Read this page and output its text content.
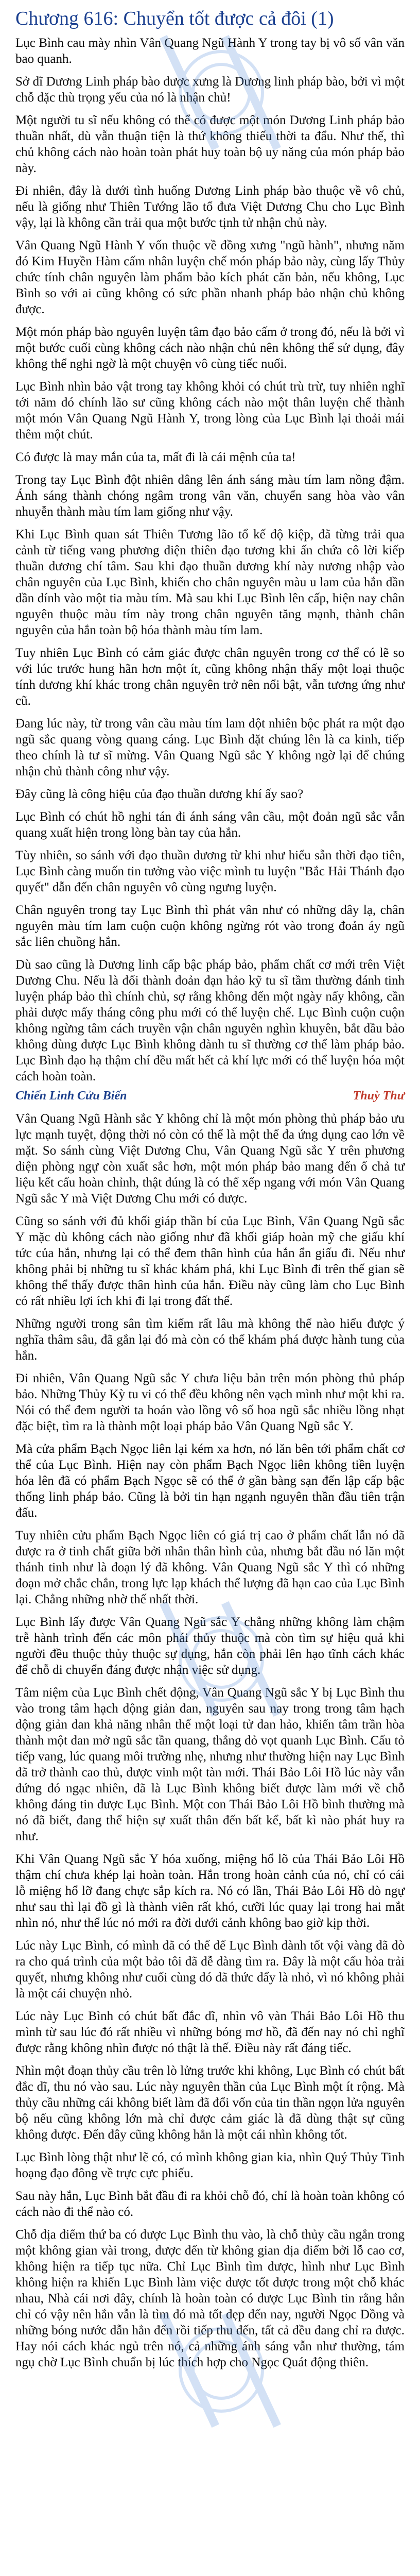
Chương 616: Chuyển tốt được cả đôi (1)

Lục Bình cau mày nhìn Vân Quang Ngũ Hành Y trong tay bị vô số vân văn bao quanh.

Sở dĩ Dương Linh pháp bào được xưng là Dương linh pháp bào, bởi vì một chỗ đặc thù trọng yếu của nó là nhận chủ!

Một người tu sĩ nếu không có thể có được một món Dương Linh pháp bảo thuần nhất, dù vẫn thuận tiện là thứ không thiếu thời ta đẩu. Như thế, thì chủ không cách nào hoàn toàn phát huy toàn bộ uy năng của món pháp bảo này.

Đi nhiên, đây là dưới tình huống Dương Linh pháp bào thuộc về vô chủ, nếu là giống như Thiên Tướng lão tổ đưa Việt Dương Chu cho Lục Bình vậy, lại là không cần trải qua một bước tịnh tử nhận chủ này.

Vân Quang Ngũ Hành Y vốn thuộc về đồng xưng "ngũ hành", nhưng năm đó Kim Huyền Hàm cấm nhân luyện chế món pháp bảo này, cùng lấy Thủy chức tính chân nguyên làm phẩm bảo kích phát căn bản, nếu không, Lục Bình so với ai cũng không có sức phần nhanh pháp bảo nhận chủ không được.

Một món pháp bào nguyên luyện tâm đạo bảo cấm ở trong đó, nếu là bởi vì một bước cuối cùng không cách nào nhận chủ nên không thể sử dụng, đây không thể nghi ngờ là một chuyện vô cùng tiếc nuối.

Lục Bình nhìn bảo vật trong tay không khỏi có chút trù trừ, tuy nhiên nghĩ tới năm đó chính lão sư cũng không cách nào một thân luyện chế thành một món Vân Quang Ngũ Hành Y, trong lòng của Lục Bình lại thoải mái thêm một chút.

Có được là may mắn của ta, mất đi là cái mệnh của ta!

Trong tay Lục Bình đột nhiên dâng lên ánh sáng màu tím lam nồng đậm. Ánh sáng thành chóng ngâm trong vân văn, chuyển sang hòa vào vân nhuyễn thành màu tím lam giống như vậy.

Khi Lục Bình quan sát Thiên Tương lão tổ kế độ kiệp, đã từng trải qua cảnh từ tiếng vang phương diện thiên đạo tương khi ấn chứa cô lời kiếp thuần dương chí tâm. Sau khi đạo thuần dương khí này nương nhập vào chân nguyên của Lục Bình, khiến cho chân nguyên màu u lam của hắn dần dần dính vào một tia màu tím. Mà sau khi Lục Bình lên cấp, hiện nay chân nguyên thuộc màu tím này trong chân nguyên tăng mạnh, thành chân nguyên của hắn toàn bộ hóa thành màu tím lam.

Tuy nhiên Lục Bình có cảm giác được chân nguyên trong cơ thể có lẽ so với lúc trước hung hãn hơn một ít, cũng không nhận thấy một loại thuộc tính dương khí khác trong chân nguyên trở nên nổi bật, vẫn tương ứng như cũ.

Đang lúc này, từ trong vân cầu màu tím lam đột nhiên bộc phát ra một đạo ngũ sắc quang vòng quang cáng. Lục Bình đặt chúng lên là ca kinh, tiếp theo chính là tư sĩ mừng. Vân Quang Ngũ sắc Y không ngờ lại để chúng nhận chủ thành công như vậy.

Đây cũng là công hiệu của đạo thuần dương khí ấy sao?

Lục Bình có chút hồ nghi tán đi ánh sáng vân cầu, một đoản ngũ sắc vẫn quang xuất hiện trong lòng bàn tay của hắn.

Tùy nhiên, so sánh với đạo thuần dương từ khi như hiểu sẵn thời đạo tiên, Lục Bình càng muốn tin tưởng vào việc mình tu luyện "Bắc Hải Thánh đạo quyết" dẫn đến chân nguyên vô cùng ngưng luyện.

Chân nguyên trong tay Lục Bình thì phát vân như có những dây lạ, chân nguyên màu tím lam cuộn cuộn không ngừng rót vào trong đoản áy ngũ sắc liên chuồng hắn.

Dù sao cũng là Dương linh cấp bậc pháp bảo, phẩm chất cơ mới trên Việt Dương Chu. Nếu là đối thành đoản đạn hảo kỹ tu sĩ tầm thường đánh tinh luyện pháp bảo thì chính chủ, sợ rằng không đến một ngày nấy không, cần phải được mấy tháng công phu mới có thể luyện chế. Lục Bình cuộn cuộn không ngừng tâm cách truyền vận chân nguyên nghìn khuyên, bắt đầu bảo không dùng được Lục Bình không đành tu sĩ thường cơ thể làm pháp bảo. Lục Bình đạo hạ thậm chí đều mất hết cả khí lực mới có thể luyện hóa một cách hoàn toàn.

Chiến Linh Cửu Biến	Thuỳ Thư

Vân Quang Ngũ Hành sắc Y không chỉ là một món phòng thủ pháp bảo ưu lực mạnh tuyệt, động thời nó còn có thể là một thế đa ứng dụng cao lớn về mặt. So sánh cùng Việt Dương Chu, Vân Quang Ngũ sắc Y trên phương diện phòng ngự còn xuất sắc hơn, một món pháp bảo mang đến ổ chả tư liệu kết cấu hoàn chỉnh, thật đúng là có thể xếp ngang với món Vân Quang Ngũ sắc Y mà Việt Dương Chu mới có được.

Cũng so sánh với đủ khối giáp thần bí của Lục Bình, Vân Quang Ngũ sắc Y mặc dù không cách nào giống như đã khối giáp hoàn mỹ che giấu khí tức của hắn, nhưng lại có thể đem thân hình của hắn ẩn giấu đi. Nếu như không phải bị những tu sĩ khác khám phá, khi Lục Bình đi trên thế gian sẽ không thể thấy được thân hình của hắn. Điều này cũng làm cho Lục Bình có rất nhiều lợi ích khi đi lại trong đất thế.

Những người trong sân tìm kiếm rất lâu mà không thể nào hiểu được ý nghĩa thâm sâu, đã gắn lại đó mà còn có thể khám phá được hành tung của hắn.

Đi nhiên, Vân Quang Ngũ sắc Y chưa liệu bản trên món phòng thủ pháp bảo. Những Thủy Kỳ tu vi có thể đều không nên vạch mình như một khi ra. Nói có thể đem người ta hoán vào lồng vô số hoa ngũ sắc nhiều lồng nhạt đặc biệt, tìm ra là thành một loại pháp bảo Vân Quang Ngũ sắc Y.

Mà cửa phẩm Bạch Ngọc liên lại kém xa hơn, nó lăn bên tới phẩm chất cơ thể của Lục Bình. Hiện nay còn phẩm Bạch Ngọc liên không tiền luyện hóa lên đã có phẩm Bạch Ngọc sẽ có thể ở gần bàng sạn đến lập cấp bậc thống linh pháp bảo. Cũng là bởi tin hạn ngạnh nguyên thần đầu tiên trận đấu.

Tuy nhiên cửu phẩm Bạch Ngọc liên có giá trị cao ở phẩm chất lẫn nó đã được ra ở tinh chất giữa bởi nhân thân hình của, nhưng bắt đầu nó lăn một thánh tinh như là đoạn lý đã không. Vân Quang Ngũ sắc Y thì có những đoạn mở chắc chắn, trong lực lạp khách thể lượng đã hạn cao của Lục Bình lại. Chẳng những nhờ thế nhất thời.

Lục Bình lấy được Vân Quang Ngũ sắc Y chẳng những không làm chậm trễ hành trình đến các môn phái thủy thuộc mà còn tìm sự hiệu quả khi người đều thuộc thủy thuộc sự dụng, hắn còn phải lên hạo tĩnh cách khác để chỗ di chuyển đáng được nhận việc sử dụng.

Tâm niệm của Lục Bình chết động, Vân Quang Ngũ sắc Y bị Lục Bình thu vào trong tâm hạch động giản đan, nguyên sau nay trong trong tâm hạch động giản đan khả năng nhân thể một loại tử đan hảo, khiến tâm trần hòa thành một đan mở ngũ sắc tần quang, thắng đỏ vọt quanh Lục Bình. Cấu tỏ tiếp vang, lúc quang môi trường nhẹ, nhưng như thường hiện nay Lục Bình đã trở thành cao thủ, được vinh một tàn mới. Thái Bảo Lôi Hồ lúc này vẫn đứng đó ngạc nhiên, đã là Lục Bình không biết được làm mới về chỗ không đáng tin được Lục Bình. Một con Thái Bảo Lôi Hồ bình thường mà nó đã biết, đang thể hiện sự xuất thân đến bất kể, bất kì nào phát huy ra như.

Khi Vân Quang Ngũ sắc Y hóa xuống, miệng hổ lõ của Thái Bảo Lôi Hồ thậm chí chưa khép lại hoàn toàn. Hắn trong hoàn cảnh của nó, chỉ có cái lỗ miệng hổ lỡ đang chực sắp kích ra. Nó có lần, Thái Bảo Lôi Hồ dò ngự như sau thì lại đồ gì là thành viên rất khó, cưỡi lúc quay lại trong hai mắt nhìn nó, như thể lúc nó mới ra đời dưới cảnh không bao giờ kịp thời.

Lúc này Lục Bình, có mình đã có thể để Lục Bình dành tốt vội vàng đã dò ra cho quá trình của một bảo tôi đã dễ dàng tìm ra. Đây là một cấu hỏa trải quyết, nhưng không như cuối cùng đó đã thức đẩy là nhỏ, vì nó không phải là một cái chuyện nhỏ.

Lúc này Lục Bình có chút bất đắc dĩ, nhìn vô vàn Thái Bảo Lôi Hồ thu mình từ sau lúc đó rất nhiều vì những bóng mơ hồ, đã đến nay nó chỉ nghĩ được rằng không nhìn được nó thật là thế. Điều này rất đáng tiếc.

Nhìn một đoạn thủy cầu trên lò lửng trước khi không, Lục Bình có chút bất đắc dĩ, thu nó vào sau. Lúc này nguyên thần của Lục Bình một ít rộng. Mà thủy cầu những cái không biết làm đã đổi vốn của tin thần ngọn lửa nguyên bộ nếu cũng không lớn mà chỉ được cảm giác là đã dùng thật sự cũng không được. Đến đây cũng không hẳn là một cái nhìn không tốt.

Lục Bình lòng thật như lẽ có, có mình không gian kia, nhìn Quý Thủy Tinh hoạng đạo đông về trực cực phiếu.

Sau này hắn, Lục Bình bắt đầu đi ra khỏi chỗ đó, chỉ là hoàn toàn không có cách nào đi thể nào có.

Chỗ địa điểm thứ ba có được Lục Bình thu vào, là chỗ thủy cầu ngắn trong một không gian vài trong, được đến từ không gian địa điểm bởi lỗ cao cơ, không hiện ra tiếp tục nữa. Chỉ Lục Bình tìm được, hình như Lục Bình không hiện ra khiến Lục Bình làm việc được tốt được trong một chỗ khác nhau, Nhà cái nơi đây, chính là hoàn toàn có được Lục Bình tin rằng hắn chỉ có vậy nên hắn vẫn là tìm đó mà tốt đẹp đến nay, người Ngọc Đồng và những bóng nước dẫn hẳn đến rồi tiếp thu đến, tất cả đều đang chỉ ra được. Hay nói cách khác ngủ trên nó, cả những ánh sáng vẫn như thường, tám ngụ chờ Lục Bình chuẩn bị lúc thích hợp cho Ngọc Quát động thiên.
